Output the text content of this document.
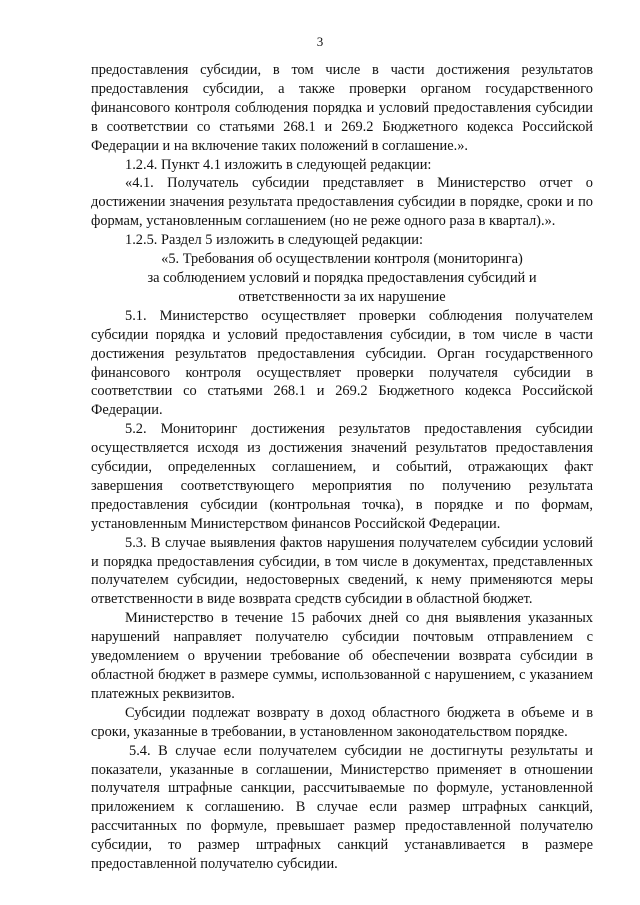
3

предоставления субсидии, в том числе в части достижения результатов предоставления субсидии, а также проверки органом государственного финансового контроля соблюдения порядка и условий предоставления субсидии в соответствии со статьями 268.1 и 269.2 Бюджетного кодекса Российской Федерации и на включение таких положений в соглашение.».

1.2.4. Пункт 4.1 изложить в следующей редакции:

«4.1. Получатель субсидии представляет в Министерство отчет о достижении значения результата предоставления субсидии в порядке, сроки и по формам, установленным соглашением (но не реже одного раза в квартал).».

1.2.5. Раздел 5 изложить в следующей редакции:

«5. Требования об осуществлении контроля (мониторинга)

за соблюдением условий и порядка предоставления субсидий и

ответственности за их нарушение

5.1. Министерство осуществляет проверки соблюдения получателем субсидии порядка и условий предоставления субсидии, в том числе в части достижения результатов предоставления субсидии. Орган государственного финансового контроля осуществляет проверки получателя субсидии в соответствии со статьями 268.1 и 269.2 Бюджетного кодекса Российской Федерации.

5.2. Мониторинг достижения результатов предоставления субсидии осуществляется исходя из достижения значений результатов предоставления субсидии, определенных соглашением, и событий, отражающих факт завершения соответствующего мероприятия по получению результата предоставления субсидии (контрольная точка), в порядке и по формам, установленным Министерством финансов Российской Федерации.

5.3. В случае выявления фактов нарушения получателем субсидии условий и порядка предоставления субсидии, в том числе в документах, представленных получателем субсидии, недостоверных сведений, к нему применяются меры ответственности в виде возврата средств субсидии в областной бюджет.

Министерство в течение 15 рабочих дней со дня выявления указанных нарушений направляет получателю субсидии почтовым отправлением с уведомлением о вручении требование об обеспечении возврата субсидии в областной бюджет в размере суммы, использованной с нарушением, с указанием платежных реквизитов.

Субсидии подлежат возврату в доход областного бюджета в объеме и в сроки, указанные в требовании, в установленном законодательством порядке.

5.4. В случае если получателем субсидии не достигнуты результаты и показатели, указанные в соглашении, Министерство применяет в отношении получателя штрафные санкции, рассчитываемые по формуле, установленной приложением к соглашению. В случае если размер штрафных санкций, рассчитанных по формуле, превышает размер предоставленной получателю субсидии, то размер штрафных санкций устанавливается в размере предоставленной получателю субсидии.
